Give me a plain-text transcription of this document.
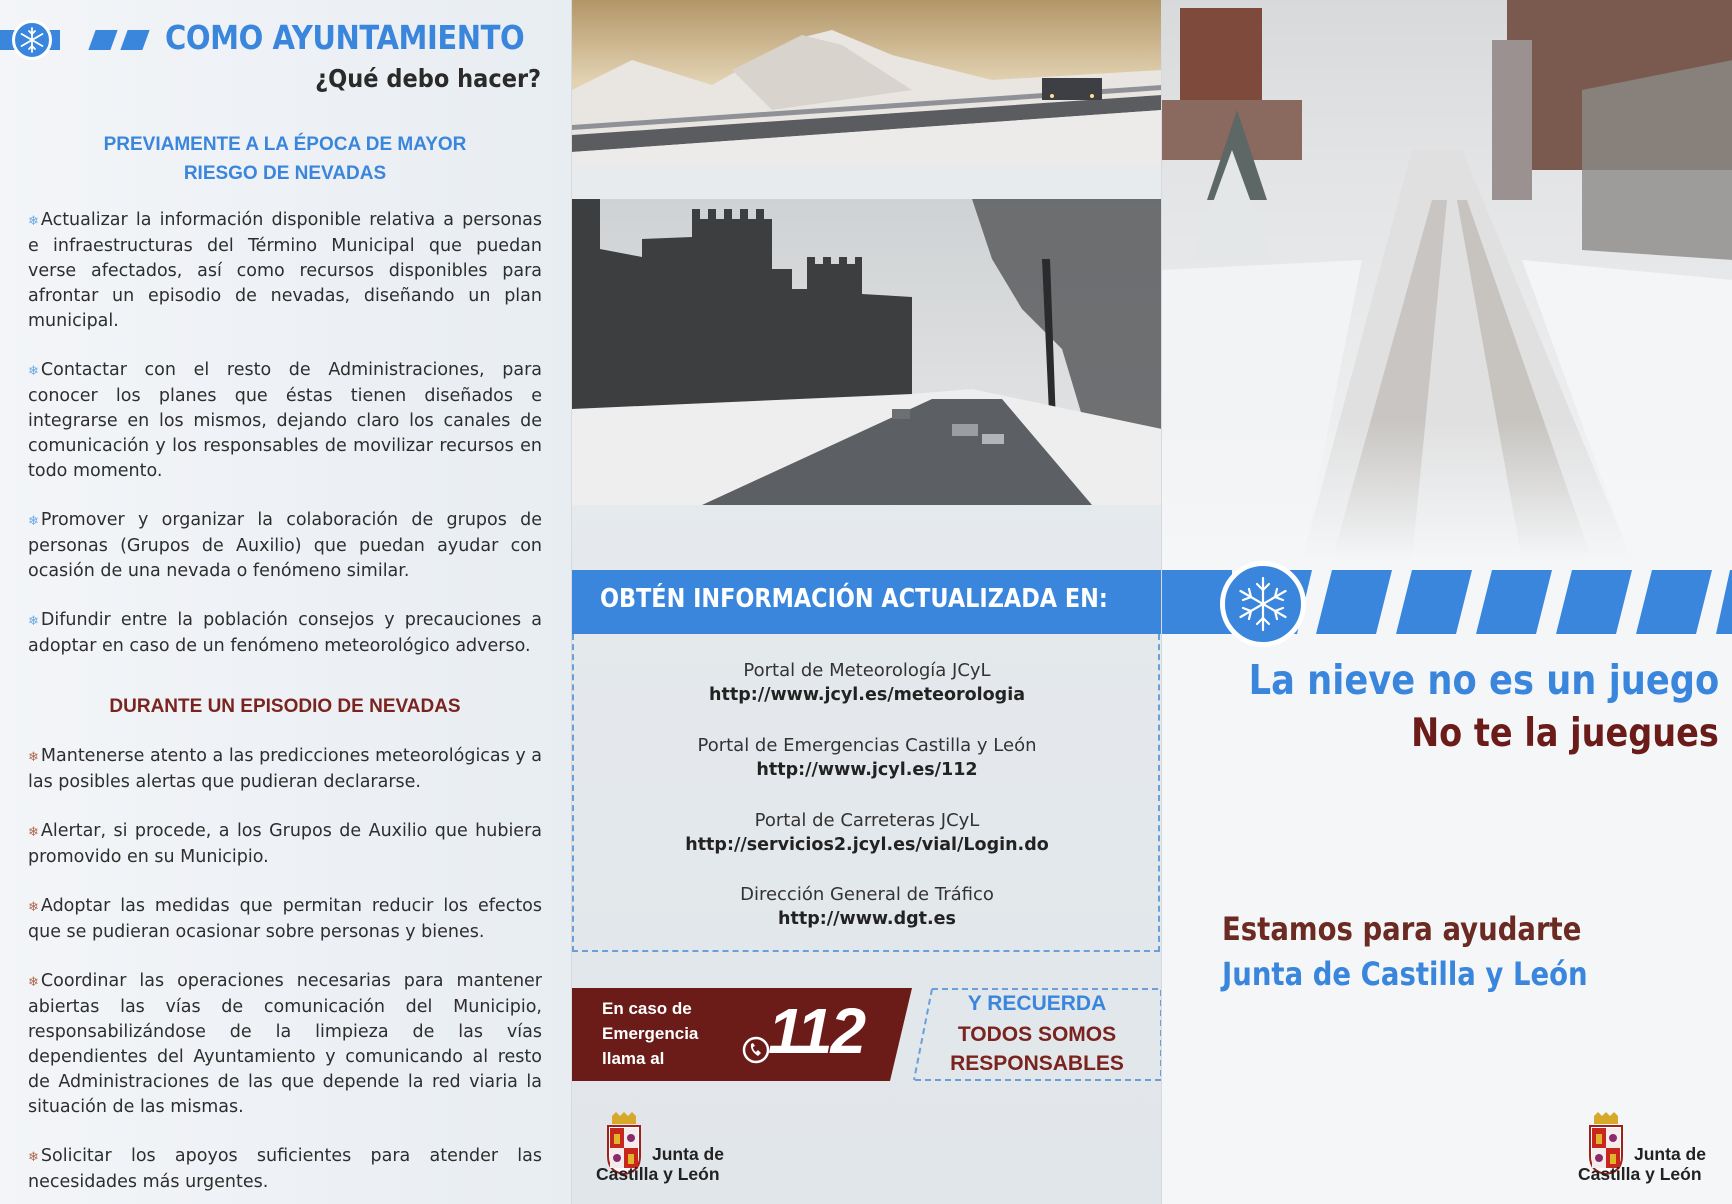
COMO AYUNTAMIENTO
¿Qué debo hacer?
PREVIAMENTE A LA ÉPOCA DE MAYOR
RIESGO DE NEVADAS

❄ Actualizar la información disponible relativa a personas e infraestructuras del Término Municipal que puedan verse afectados, así como recursos disponibles para afrontar un episodio de nevadas, diseñando un plan municipal.

❄ Contactar con el resto de Administraciones, para conocer los planes que éstas tienen diseñados e integrarse en los mismos, dejando claro los canales de comunicación y los responsables de movilizar recursos en todo momento.

❄ Promover y organizar la colaboración de grupos de personas (Grupos de Auxilio) que puedan ayudar con ocasión de una nevada o fenómeno similar.

❄ Difundir entre la población consejos y precauciones a adoptar en caso de un fenómeno meteorológico adverso.

DURANTE UN EPISODIO DE NEVADAS

❄ Mantenerse atento a las predicciones meteorológicas y a las posibles alertas que pudieran declararse.

❄ Alertar, si procede, a los Grupos de Auxilio que hubiera promovido en su Municipio.

❄ Adoptar las medidas que permitan reducir los efectos que se pudieran ocasionar sobre personas y bienes.

❄ Coordinar las operaciones necesarias para mantener abiertas las vías de comunicación del Municipio, responsabilizándose de la limpieza de las vías dependientes del Ayuntamiento y comunicando al resto de Administraciones de las que depende la red viaria la situación de las mismas.

❄ Solicitar los apoyos suficientes para atender las necesidades más urgentes.

OBTÉN INFORMACIÓN ACTUALIZADA EN:
Portal de Meteorología JCyL
http://www.jcyl.es/meteorologia
Portal de Emergencias Castilla y León
http://www.jcyl.es/112
Portal de Carreteras JCyL
http://servicios2.jcyl.es/vial/Login.do
Dirección General de Tráfico
http://www.dgt.es
En caso de
Emergencia
llama al	112	Y RECUERDA
TODOS SOMOS
RESPONSABLES
Junta de
Castilla y León
La nieve no es un juego
No te la juegues
Estamos para ayudarte
Junta de Castilla y León
Junta de
Castilla y León
